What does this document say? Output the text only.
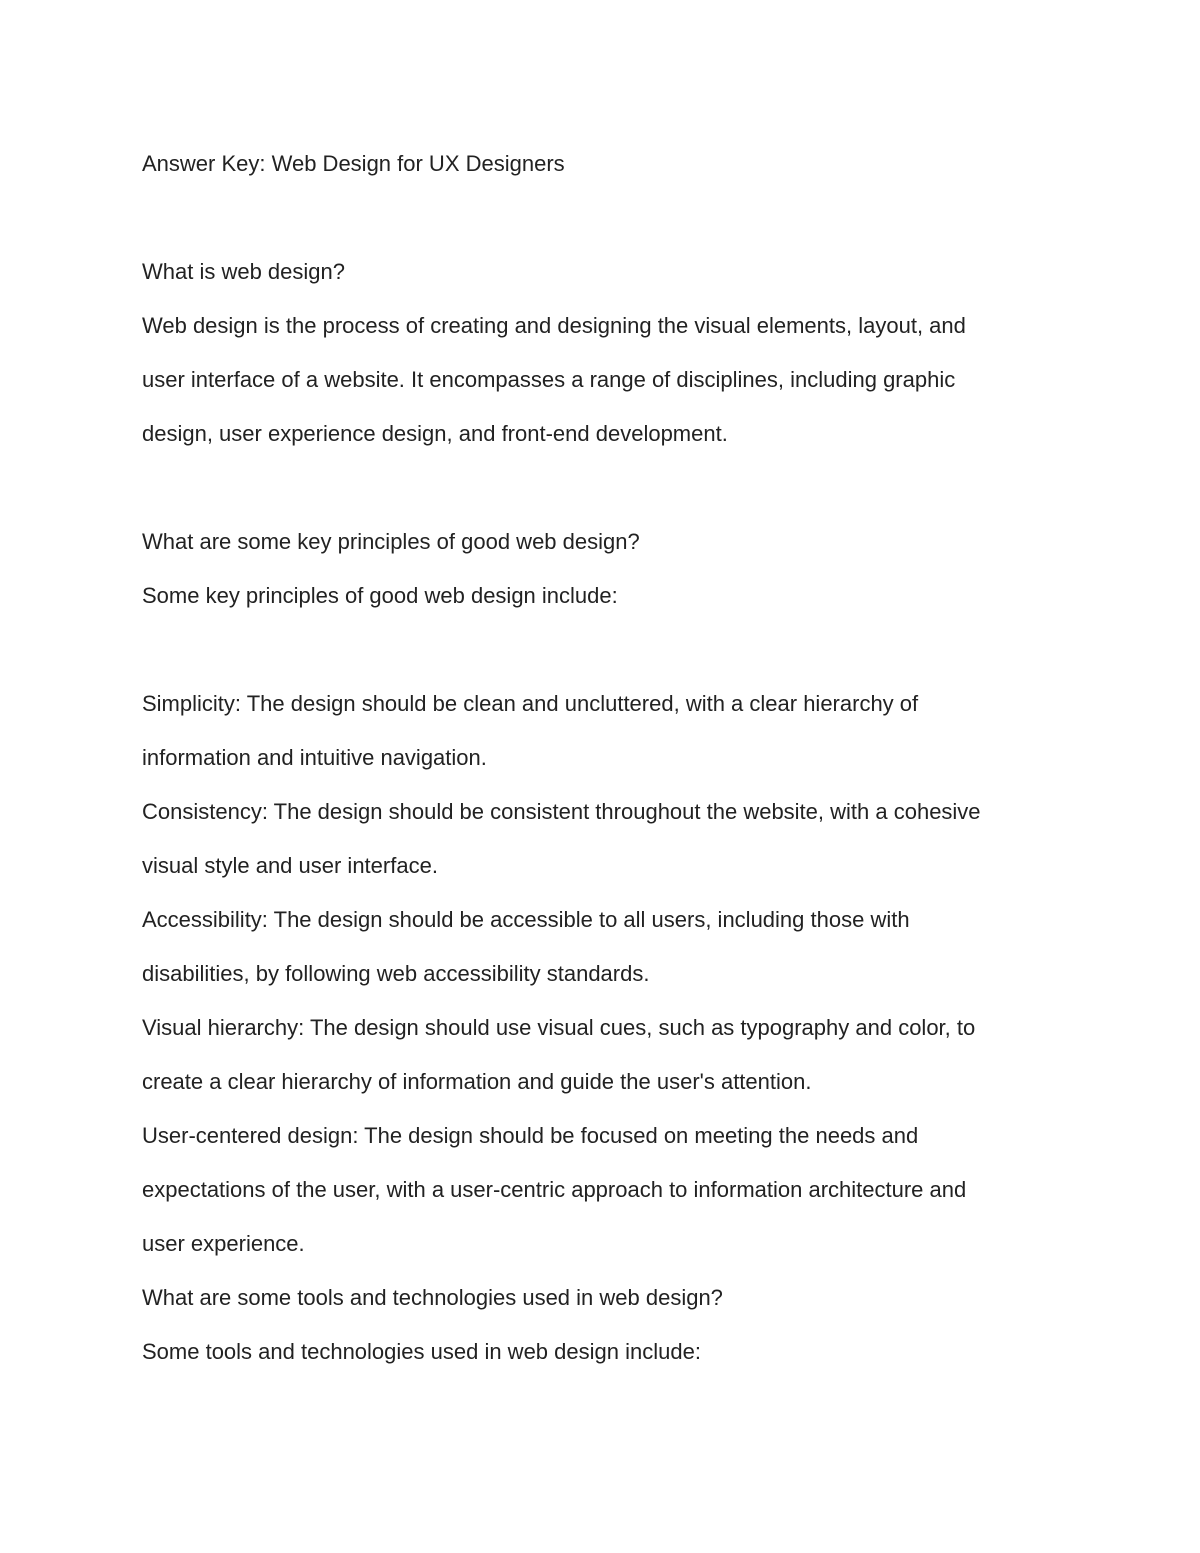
Answer Key: Web Design for UX Designers
What is web design?
Web design is the process of creating and designing the visual elements, layout, and
user interface of a website. It encompasses a range of disciplines, including graphic
design, user experience design, and front-end development.
What are some key principles of good web design?
Some key principles of good web design include:
Simplicity: The design should be clean and uncluttered, with a clear hierarchy of
information and intuitive navigation.
Consistency: The design should be consistent throughout the website, with a cohesive
visual style and user interface.
Accessibility: The design should be accessible to all users, including those with
disabilities, by following web accessibility standards.
Visual hierarchy: The design should use visual cues, such as typography and color, to
create a clear hierarchy of information and guide the user's attention.
User-centered design: The design should be focused on meeting the needs and
expectations of the user, with a user-centric approach to information architecture and
user experience.
What are some tools and technologies used in web design?
Some tools and technologies used in web design include:
